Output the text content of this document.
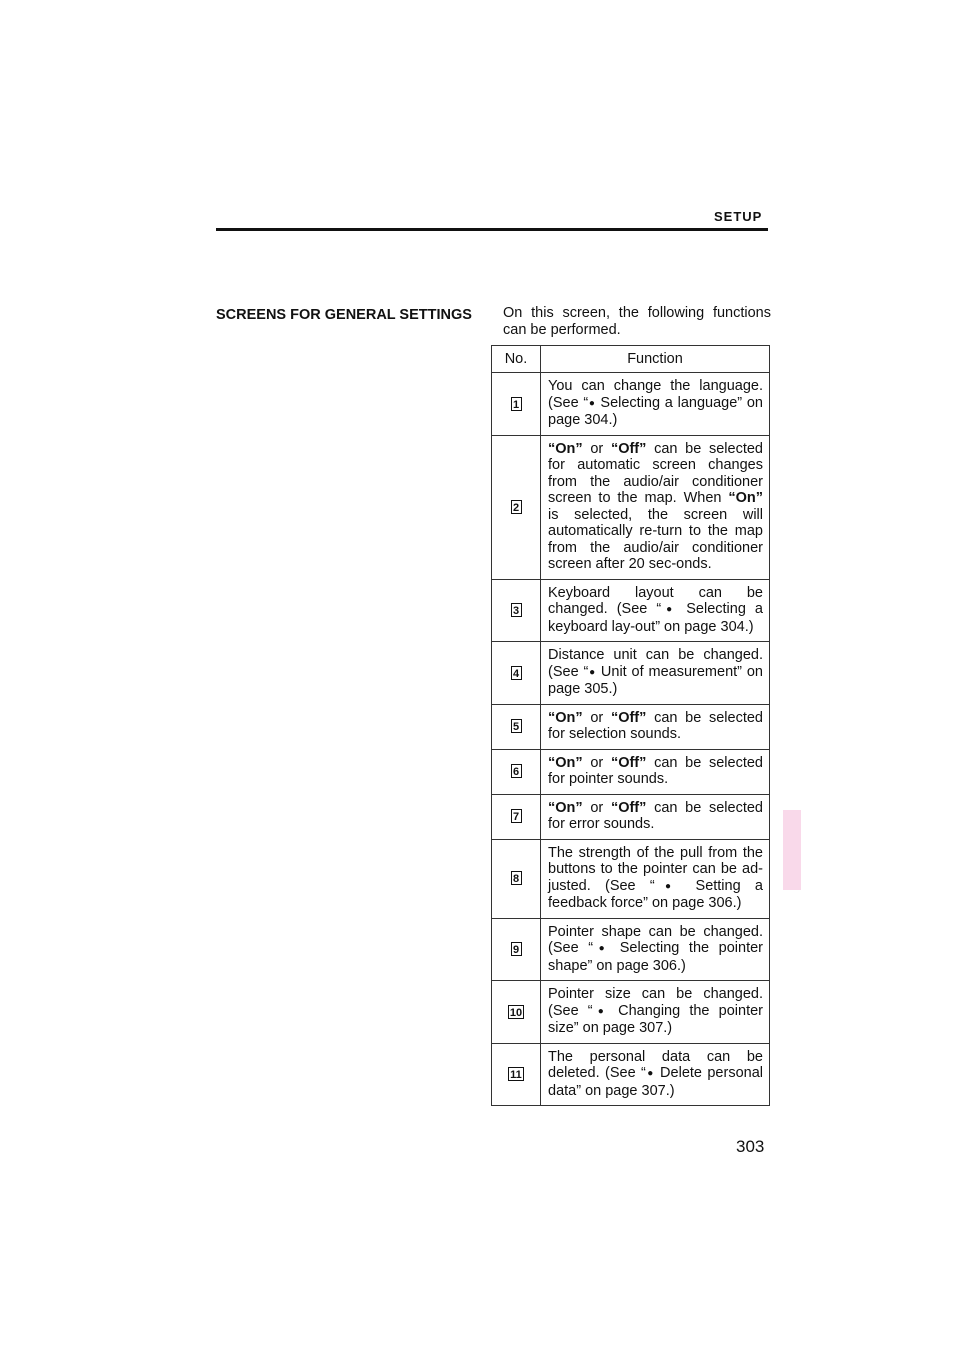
SETUP
SCREENS FOR GENERAL SETTINGS On this screen, the following functions can be performed.
No.	Function
1	You can change the language. (See “● Selecting a language” on page 304.)
2	“On” or “Off” can be selected for automatic screen changes from the audio/air conditioner screen to the map. When “On” is selected, the screen will automatically re-turn to the map from the audio/air conditioner screen after 20 sec-onds.
3	Keyboard layout can be changed. (See “● Selecting a keyboard lay-out” on page 304.)
4	Distance unit can be changed. (See “● Unit of measurement” on page 305.)
5	“On” or “Off” can be selected for selection sounds.
6	“On” or “Off” can be selected for pointer sounds.
7	“On” or “Off” can be selected for error sounds.
8	The strength of the pull from the buttons to the pointer can be ad-justed. (See “● Setting a feedback force” on page 306.)
9	Pointer shape can be changed. (See “● Selecting the pointer shape” on page 306.)
10	Pointer size can be changed. (See “● Changing the pointer size” on page 307.)
11	The personal data can be deleted. (See “● Delete personal data” on page 307.)
303
